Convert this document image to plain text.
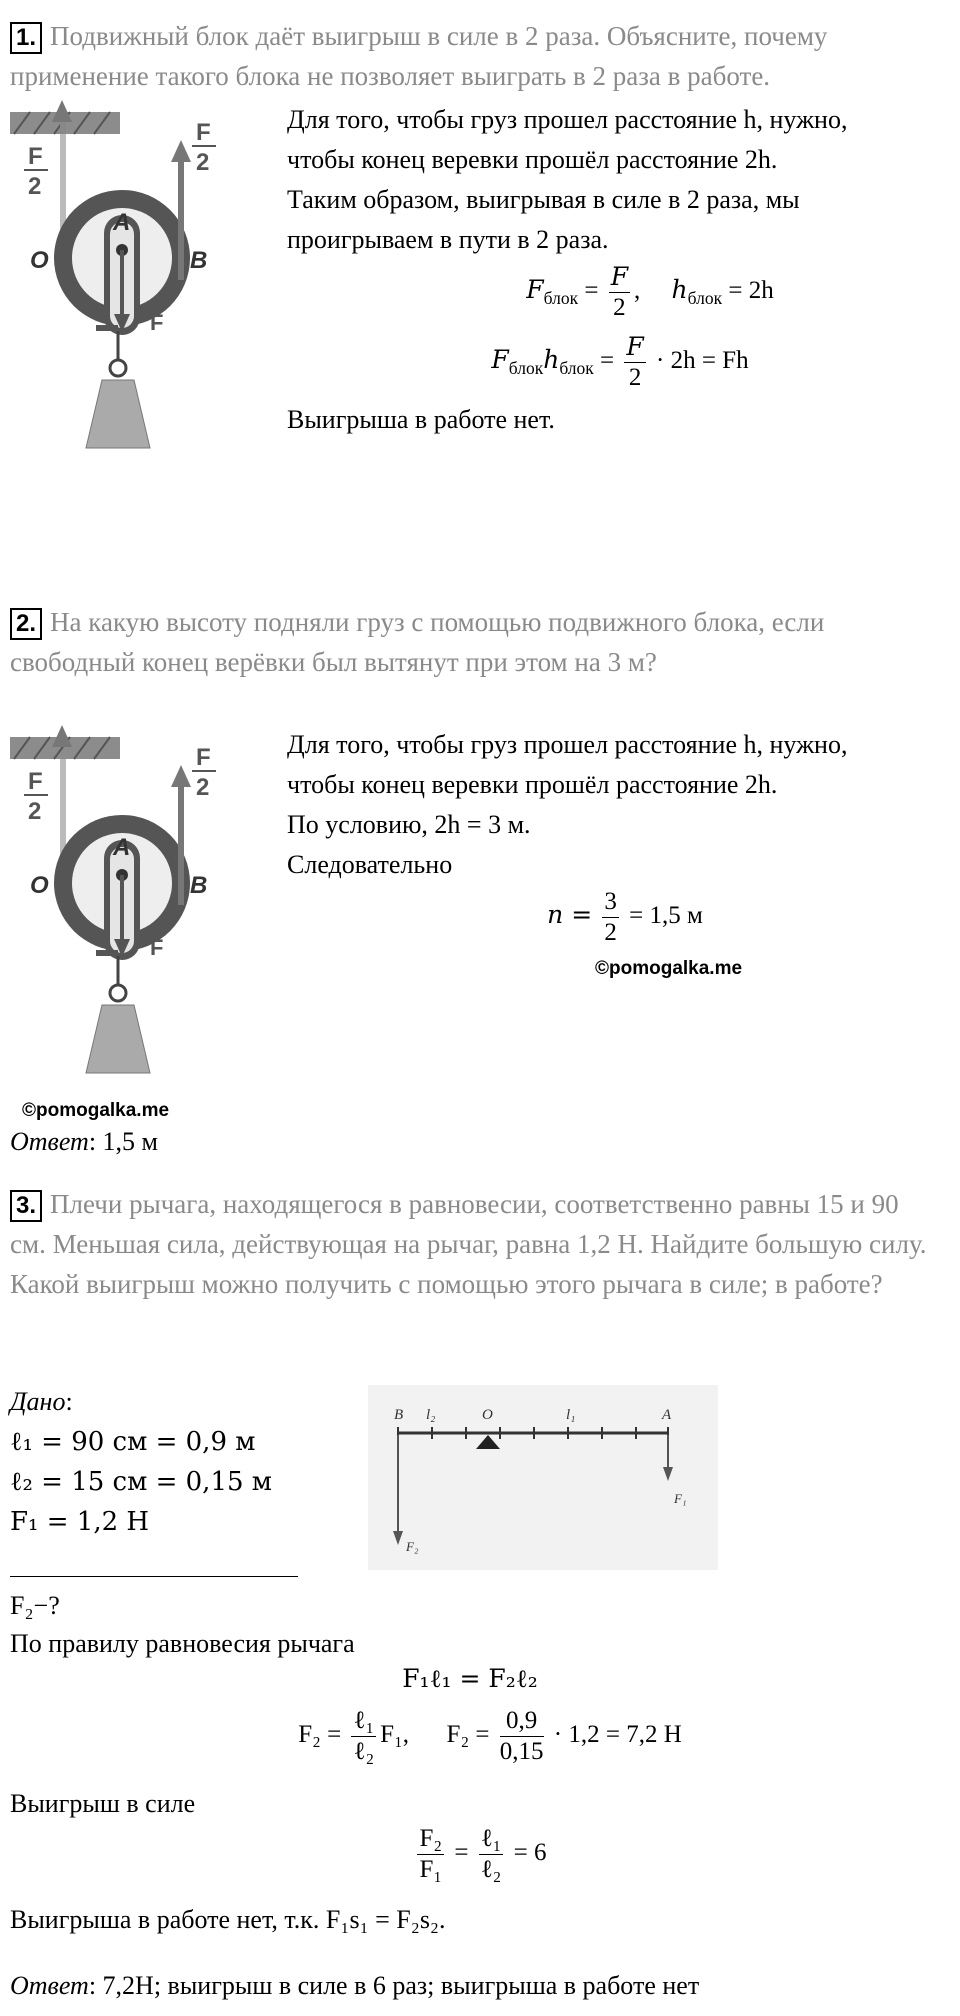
1. Подвижный блок даёт выигрыш в силе в 2 раза. Объясните, почему применение такого блока не позволяет выиграть в 2 раза в работе.
F
2
F
2
O
A
B
F
Для того, чтобы груз прошел расстояние h, нужно,
чтобы конец веревки прошёл расстояние 2h.
Таким образом, выигрывая в силе в 2 раза, мы
проигрываем в пути в 2 раза.
$F_{блок} = \frac{F}{2}$ ,     $h_{блок} = 2h$
$F_{блок}h_{блок} = \frac{F}{2} \cdot 2h = Fh$
Выигрыша в работе нет.
2. На какую высоту подняли груз с помощью подвижного блока, если свободный конец верёвки был вытянут при этом на 3 м?
F
2
F
2
O
A
B
F
Для того, чтобы груз прошел расстояние h, нужно,
чтобы конец веревки прошёл расстояние 2h.
По условию, 2h = 3 м.
Следовательно
$n = \frac{3}{2} = 1,5$ м
©pomogalka.me
©pomogalka.me
Ответ: 1,5 м
3. Плечи рычага, находящегося в равновесии, соответственно равны 15 и 90 см. Меньшая сила, действующая на рычаг, равна 1,2 Н. Найдите большую силу. Какой выигрыш можно получить с помощью этого рычага в силе; в работе?
Дано:
ℓ₁ = 90 см = 0,9 м
ℓ₂ = 15 см = 0,15 м
F₁ = 1,2 Н
F₂−?
B l₂	O	l₁	A
F₁
F₂
По правилу равновесия рычага
F₁ℓ₁ = F₂ℓ₂
$F_2 = \frac{\text{ℓ₁}}{\text{ℓ₂}} F_1$, $F_2 = \frac{0,9}{0,15} \cdot 1,2 = 7,2$ Н
Выигрыш в силе
$\frac{\text{F₂}}{\text{F₁}} = \frac{\text{ℓ₁}}{\text{ℓ₂}} = 6$
Выигрыша в работе нет, т.к. F₁s₁ = F₂s₂.
Ответ: 7,2Н; выигрыш в силе в 6 раз; выигрыша в работе нет
